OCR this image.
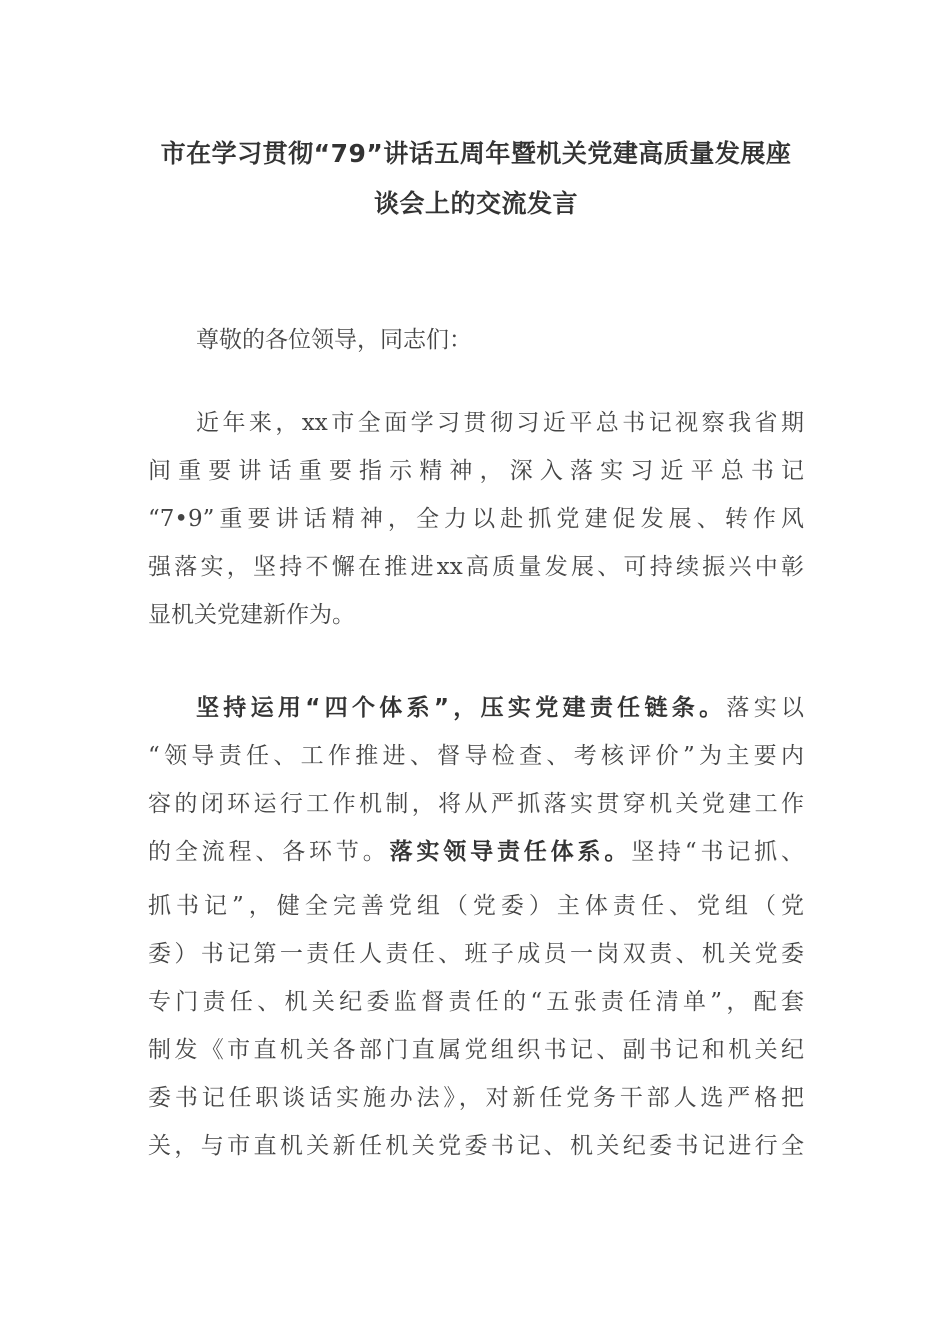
市在学习贯彻“79”讲话五周年暨机关党建高质量发展座
谈会上的交流发言
尊敬的各位领导，同志们：
近年来，xx市全面学习贯彻习近平总书记视察我省期
间重要讲话重要指示精神，深入落实习近平总书记
“7•9”重要讲话精神，全力以赴抓党建促发展、转作风
强落实，坚持不懈在推进xx高质量发展、可持续振兴中彰
显机关党建新作为。
坚持运用“四个体系”，压实党建责任链条。落实以
“领导责任、工作推进、督导检查、考核评价”为主要内
容的闭环运行工作机制，将从严抓落实贯穿机关党建工作
的全流程、各环节。落实领导责任体系。坚持“书记抓、
抓书记”，健全完善党组（党委）主体责任、党组（党
委）书记第一责任人责任、班子成员一岗双责、机关党委
专门责任、机关纪委监督责任的“五张责任清单”，配套
制发《市直机关各部门直属党组织书记、副书记和机关纪
委书记任职谈话实施办法》，对新任党务干部人选严格把
关，与市直机关新任机关党委书记、机关纪委书记进行全
